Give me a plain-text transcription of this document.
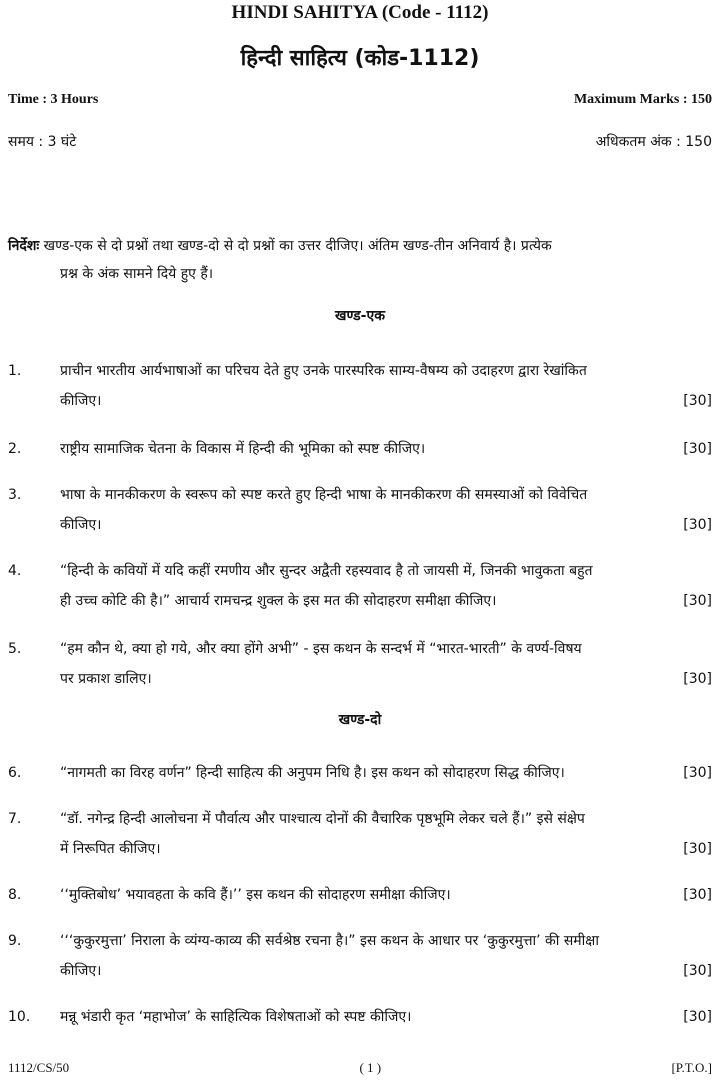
HINDI SAHITYA (Code - 1112)
हिन्दी साहित्य (कोड-1112)
Time : 3 Hours	Maximum Marks : 150
समय : 3 घंटे	अधिकतम अंक : 150
निर्देशः खण्ड-एक से दो प्रश्नों तथा खण्ड-दो से दो प्रश्नों का उत्तर दीजिए। अंतिम खण्ड-तीन अनिवार्य है। प्रत्येक
प्रश्न के अंक सामने दिये हुए हैं।
खण्ड-एक
1.	प्राचीन भारतीय आर्यभाषाओं का परिचय देते हुए उनके पारस्परिक साम्य-वैषम्य को उदाहरण द्वारा रेखांकित
कीजिए।	[30]
2.	राष्ट्रीय सामाजिक चेतना के विकास में हिन्दी की भूमिका को स्पष्ट कीजिए।	[30]
3.	भाषा के मानकीकरण के स्वरूप को स्पष्ट करते हुए हिन्दी भाषा के मानकीकरण की समस्याओं को विवेचित
कीजिए।	[30]
4.	“हिन्दी के कवियों में यदि कहीं रमणीय और सुन्दर अद्वैती रहस्यवाद है तो जायसी में, जिनकी भावुकता बहुत
ही उच्च कोटि की है।” आचार्य रामचन्द्र शुक्ल के इस मत की सोदाहरण समीक्षा कीजिए।	[30]
5.	“हम कौन थे, क्या हो गये, और क्या होंगे अभी” - इस कथन के सन्दर्भ में “भारत-भारती” के वर्ण्य-विषय
पर प्रकाश डालिए।	[30]
खण्ड-दो
6.	“नागमती का विरह वर्णन” हिन्दी साहित्य की अनुपम निधि है। इस कथन को सोदाहरण सिद्ध कीजिए।	[30]
7.	“डॉ. नगेन्द्र हिन्दी आलोचना में पौर्वात्य और पाश्चात्य दोनों की वैचारिक पृष्ठभूमि लेकर चले हैं।” इसे संक्षेप
में निरूपित कीजिए।	[30]
8.	‘‘मुक्तिबोध’ भयावहता के कवि हैं।’’ इस कथन की सोदाहरण समीक्षा कीजिए।	[30]
9.	‘‘‘कुकुरमुत्ता’ निराला के व्यंग्य-काव्य की सर्वश्रेष्ठ रचना है।” इस कथन के आधार पर ‘कुकुरमुत्ता’ की समीक्षा
कीजिए।	[30]
10.	मन्नू भंडारी कृत ‘महाभोज’ के साहित्यिक विशेषताओं को स्पष्ट कीजिए।	[30]
1112/CS/50	( 1 )	[P.T.O.]
